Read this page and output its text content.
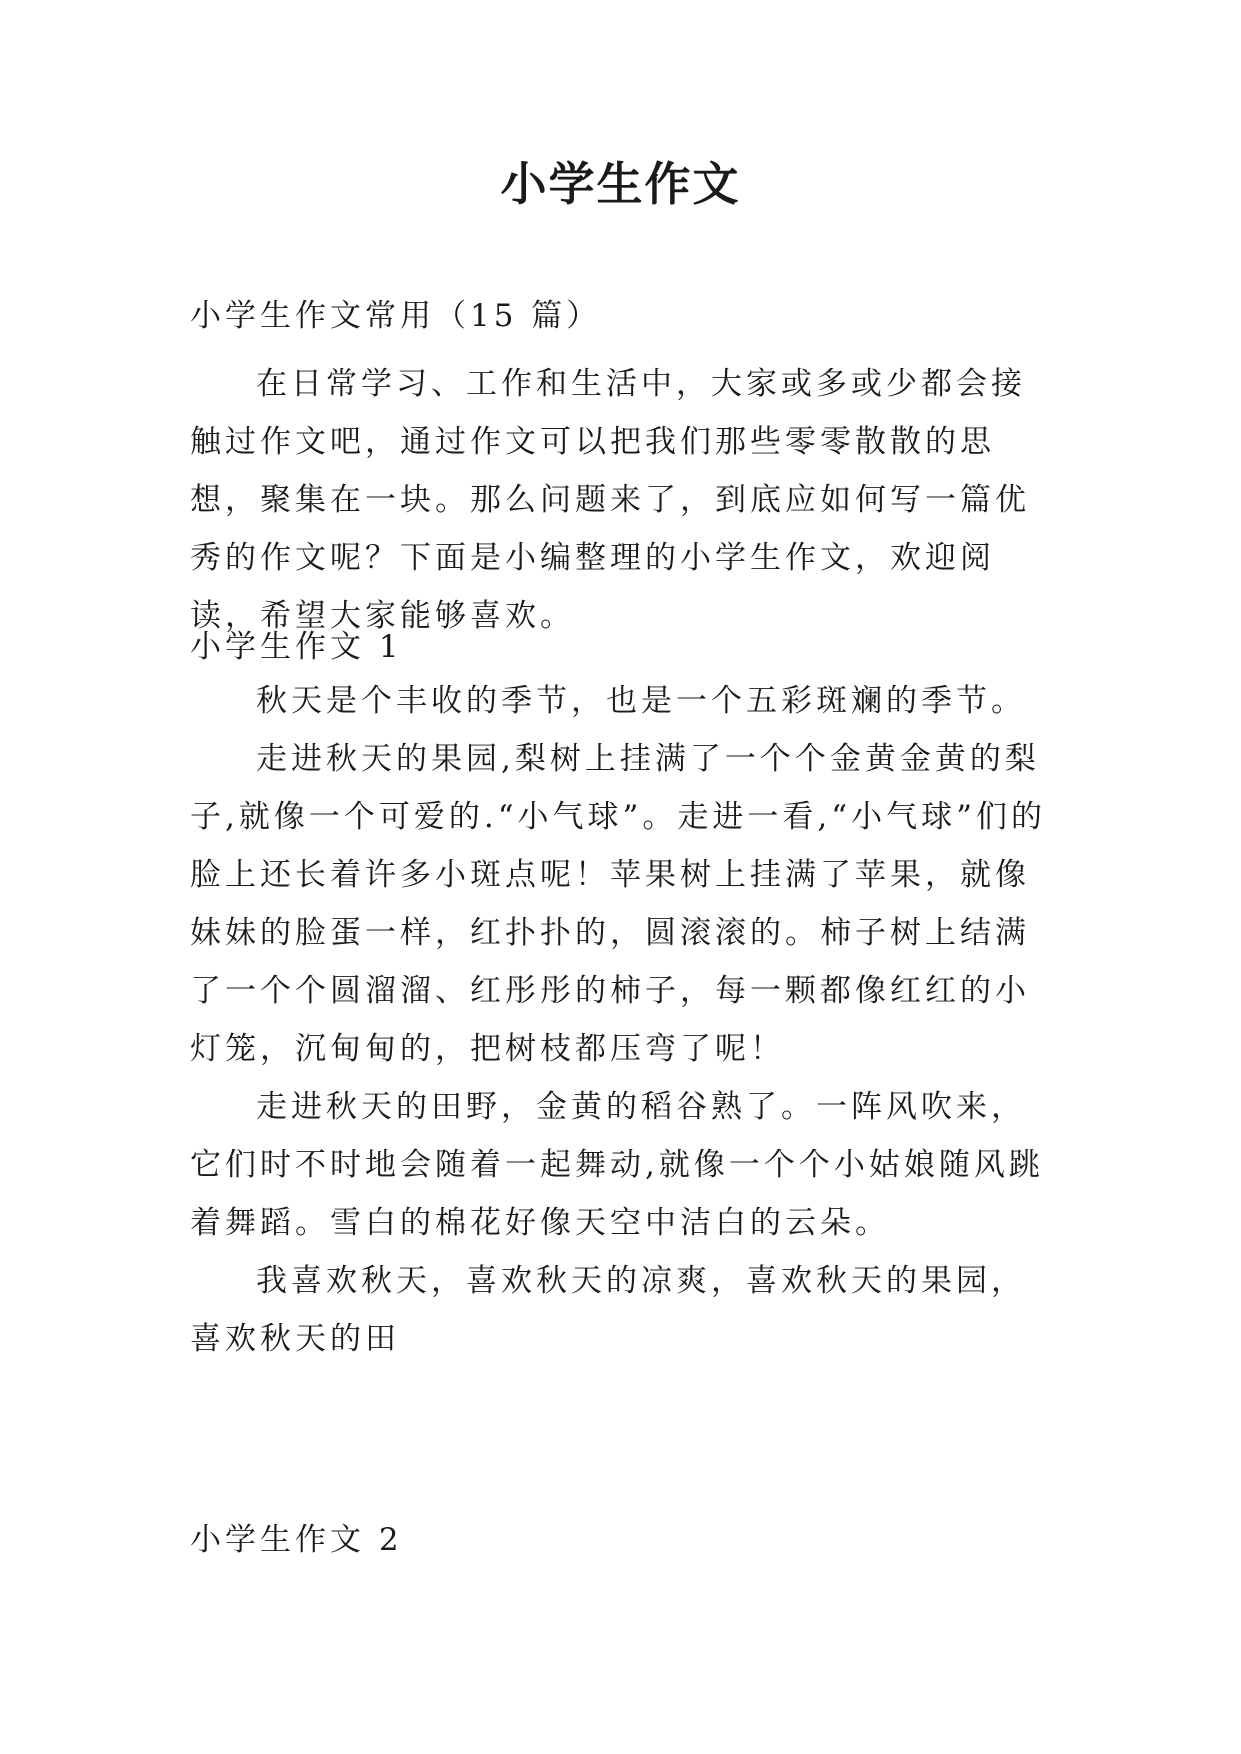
小学生作文

小学生作文常用（15 篇）

在日常学习、工作和生活中，大家或多或少都会接触过作文吧，通过作文可以把我们那些零零散散的思想，聚集在一块。那么问题来了，到底应如何写一篇优秀的作文呢？下面是小编整理的小学生作文，欢迎阅读，希望大家能够喜欢。

小学生作文 1

秋天是个丰收的季节，也是一个五彩斑斓的季节。

走进秋天的果园,梨树上挂满了一个个金黄金黄的梨子,就像一个可爱的.“小气球”。走进一看,“小气球”们的脸上还长着许多小斑点呢！苹果树上挂满了苹果，就像妹妹的脸蛋一样，红扑扑的，圆滚滚的。柿子树上结满了一个个圆溜溜、红彤彤的柿子，每一颗都像红红的小灯笼，沉甸甸的，把树枝都压弯了呢！

走进秋天的田野，金黄的稻谷熟了。一阵风吹来，它们时不时地会随着一起舞动,就像一个个小姑娘随风跳着舞蹈。雪白的棉花好像天空中洁白的云朵。

我喜欢秋天，喜欢秋天的凉爽，喜欢秋天的果园，喜欢秋天的田

小学生作文 2
